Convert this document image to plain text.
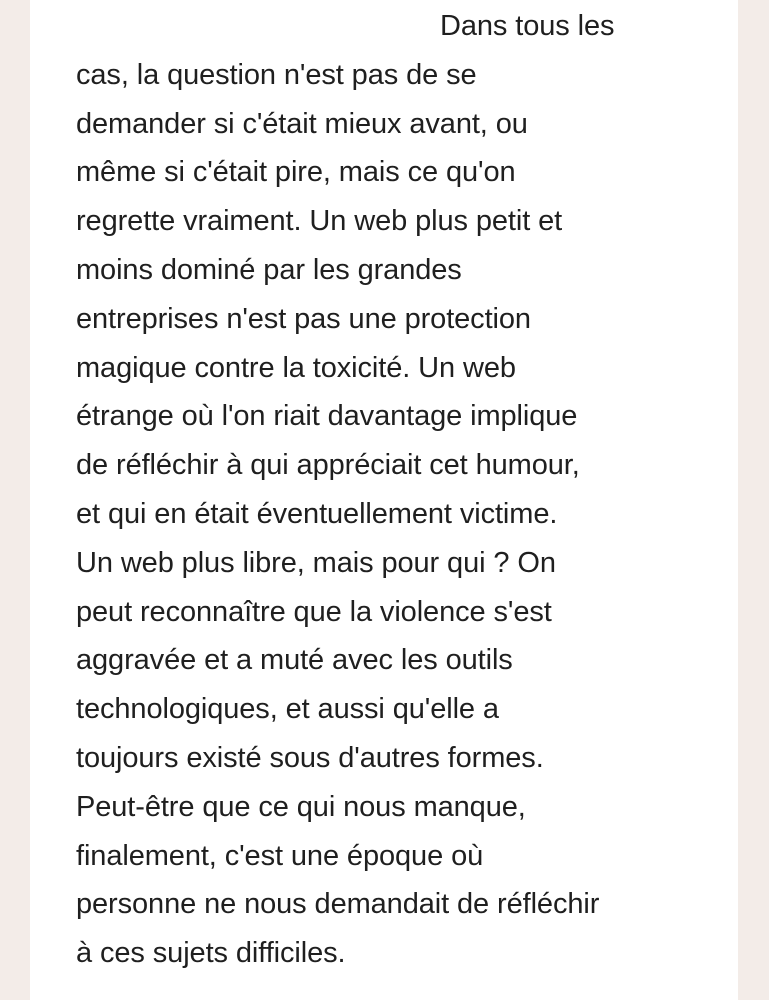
Dans tous les
cas, la question n'est pas de se
demander si c'était mieux avant, ou
même si c'était pire, mais ce qu'on
regrette vraiment. Un web plus petit et
moins dominé par les grandes
entreprises n'est pas une protection
magique contre la toxicité. Un web
étrange où l'on riait davantage implique
de réfléchir à qui appréciait cet humour,
et qui en était éventuellement victime.
Un web plus libre, mais pour qui ? On
peut reconnaître que la violence s'est
aggravée et a muté avec les outils
technologiques, et aussi qu'elle a
toujours existé sous d'autres formes.
Peut-être que ce qui nous manque,
finalement, c'est une époque où
personne ne nous demandait de réfléchir
à ces sujets difficiles.
